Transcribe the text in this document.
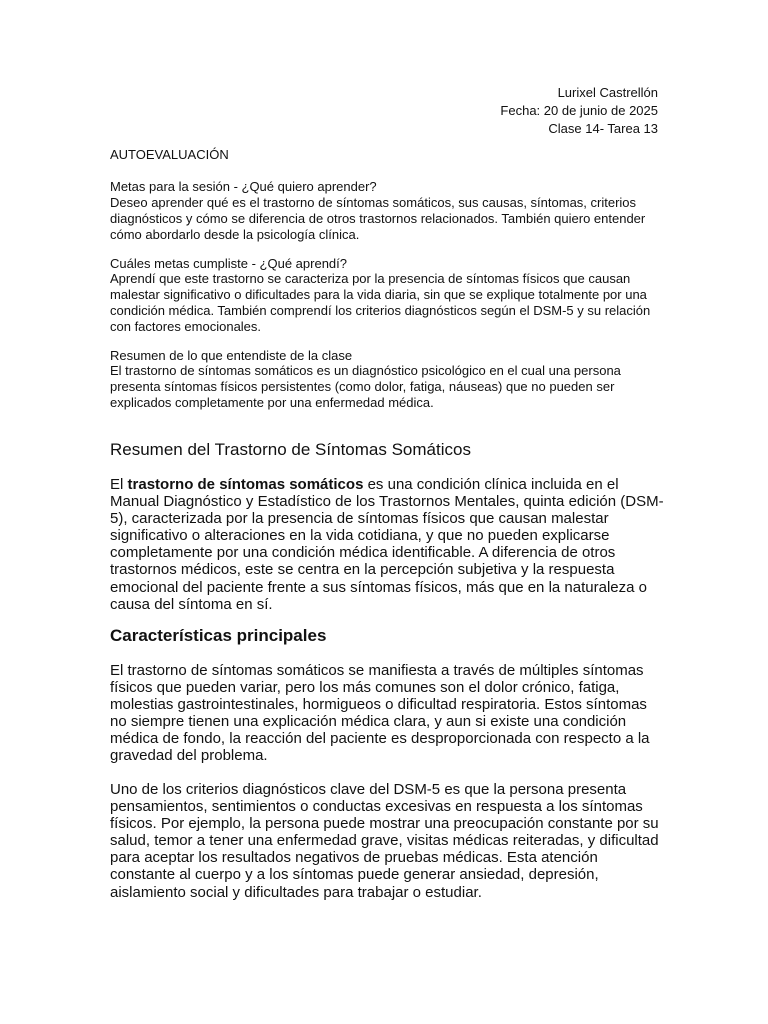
Lurixel Castrellón
Fecha: 20 de junio de 2025
Clase 14- Tarea 13

AUTOEVALUACIÓN

Metas para la sesión - ¿Qué quiero aprender?

Deseo aprender qué es el trastorno de síntomas somáticos, sus causas, síntomas, criterios diagnósticos y cómo se diferencia de otros trastornos relacionados. También quiero entender cómo abordarlo desde la psicología clínica.

Cuáles metas cumpliste - ¿Qué aprendí?

Aprendí que este trastorno se caracteriza por la presencia de síntomas físicos que causan malestar significativo o dificultades para la vida diaria, sin que se explique totalmente por una condición médica. También comprendí los criterios diagnósticos según el DSM-5 y su relación con factores emocionales.

Resumen de lo que entendiste de la clase

El trastorno de síntomas somáticos es un diagnóstico psicológico en el cual una persona presenta síntomas físicos persistentes (como dolor, fatiga, náuseas) que no pueden ser explicados completamente por una enfermedad médica.

Resumen del Trastorno de Síntomas Somáticos

El trastorno de síntomas somáticos es una condición clínica incluida en el Manual Diagnóstico y Estadístico de los Trastornos Mentales, quinta edición (DSM-5), caracterizada por la presencia de síntomas físicos que causan malestar significativo o alteraciones en la vida cotidiana, y que no pueden explicarse completamente por una condición médica identificable. A diferencia de otros trastornos médicos, este se centra en la percepción subjetiva y la respuesta emocional del paciente frente a sus síntomas físicos, más que en la naturaleza o causa del síntoma en sí.

Características principales

El trastorno de síntomas somáticos se manifiesta a través de múltiples síntomas físicos que pueden variar, pero los más comunes son el dolor crónico, fatiga, molestias gastrointestinales, hormigueos o dificultad respiratoria. Estos síntomas no siempre tienen una explicación médica clara, y aun si existe una condición médica de fondo, la reacción del paciente es desproporcionada con respecto a la gravedad del problema.

Uno de los criterios diagnósticos clave del DSM-5 es que la persona presenta pensamientos, sentimientos o conductas excesivas en respuesta a los síntomas físicos. Por ejemplo, la persona puede mostrar una preocupación constante por su salud, temor a tener una enfermedad grave, visitas médicas reiteradas, y dificultad para aceptar los resultados negativos de pruebas médicas. Esta atención constante al cuerpo y a los síntomas puede generar ansiedad, depresión, aislamiento social y dificultades para trabajar o estudiar.
